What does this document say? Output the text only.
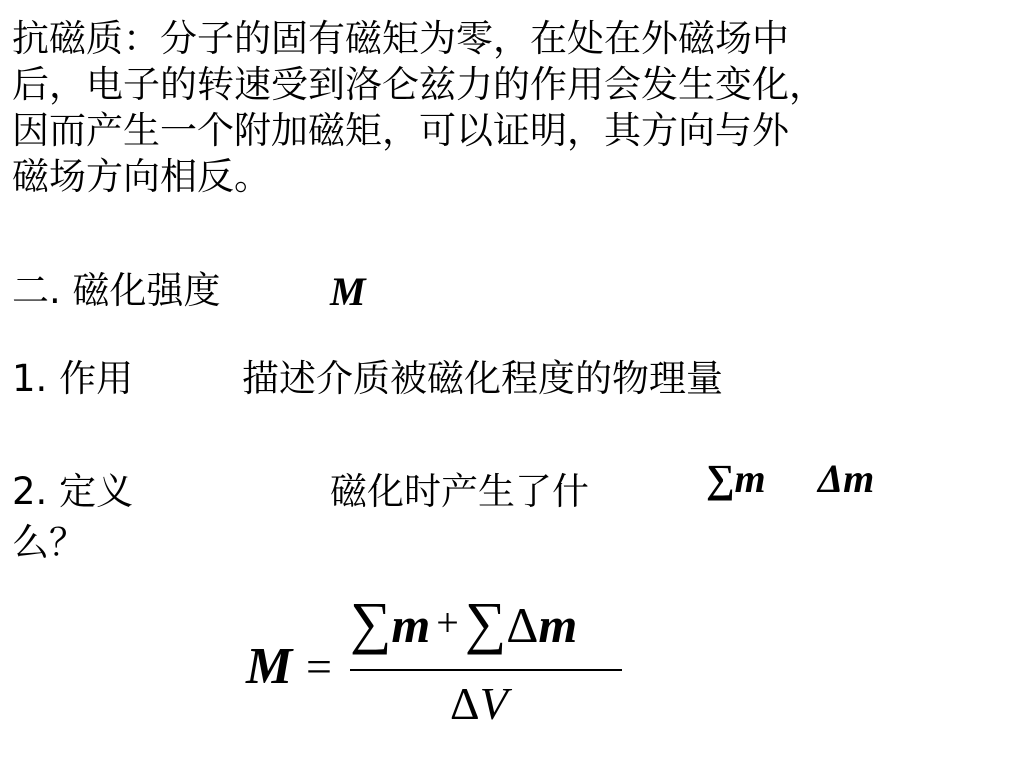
抗磁质：分子的固有磁矩为零，在处在外磁场中
后，电子的转速受到洛仑兹力的作用会发生变化，
因而产生一个附加磁矩，可以证明，其方向与外
磁场方向相反。
二. 磁化强度	M
1. 作用	描述介质被磁化程度的物理量
2. 定义	磁化时产生了什	∑m Δm
么？
M =
∑m + ∑Δm
ΔV
